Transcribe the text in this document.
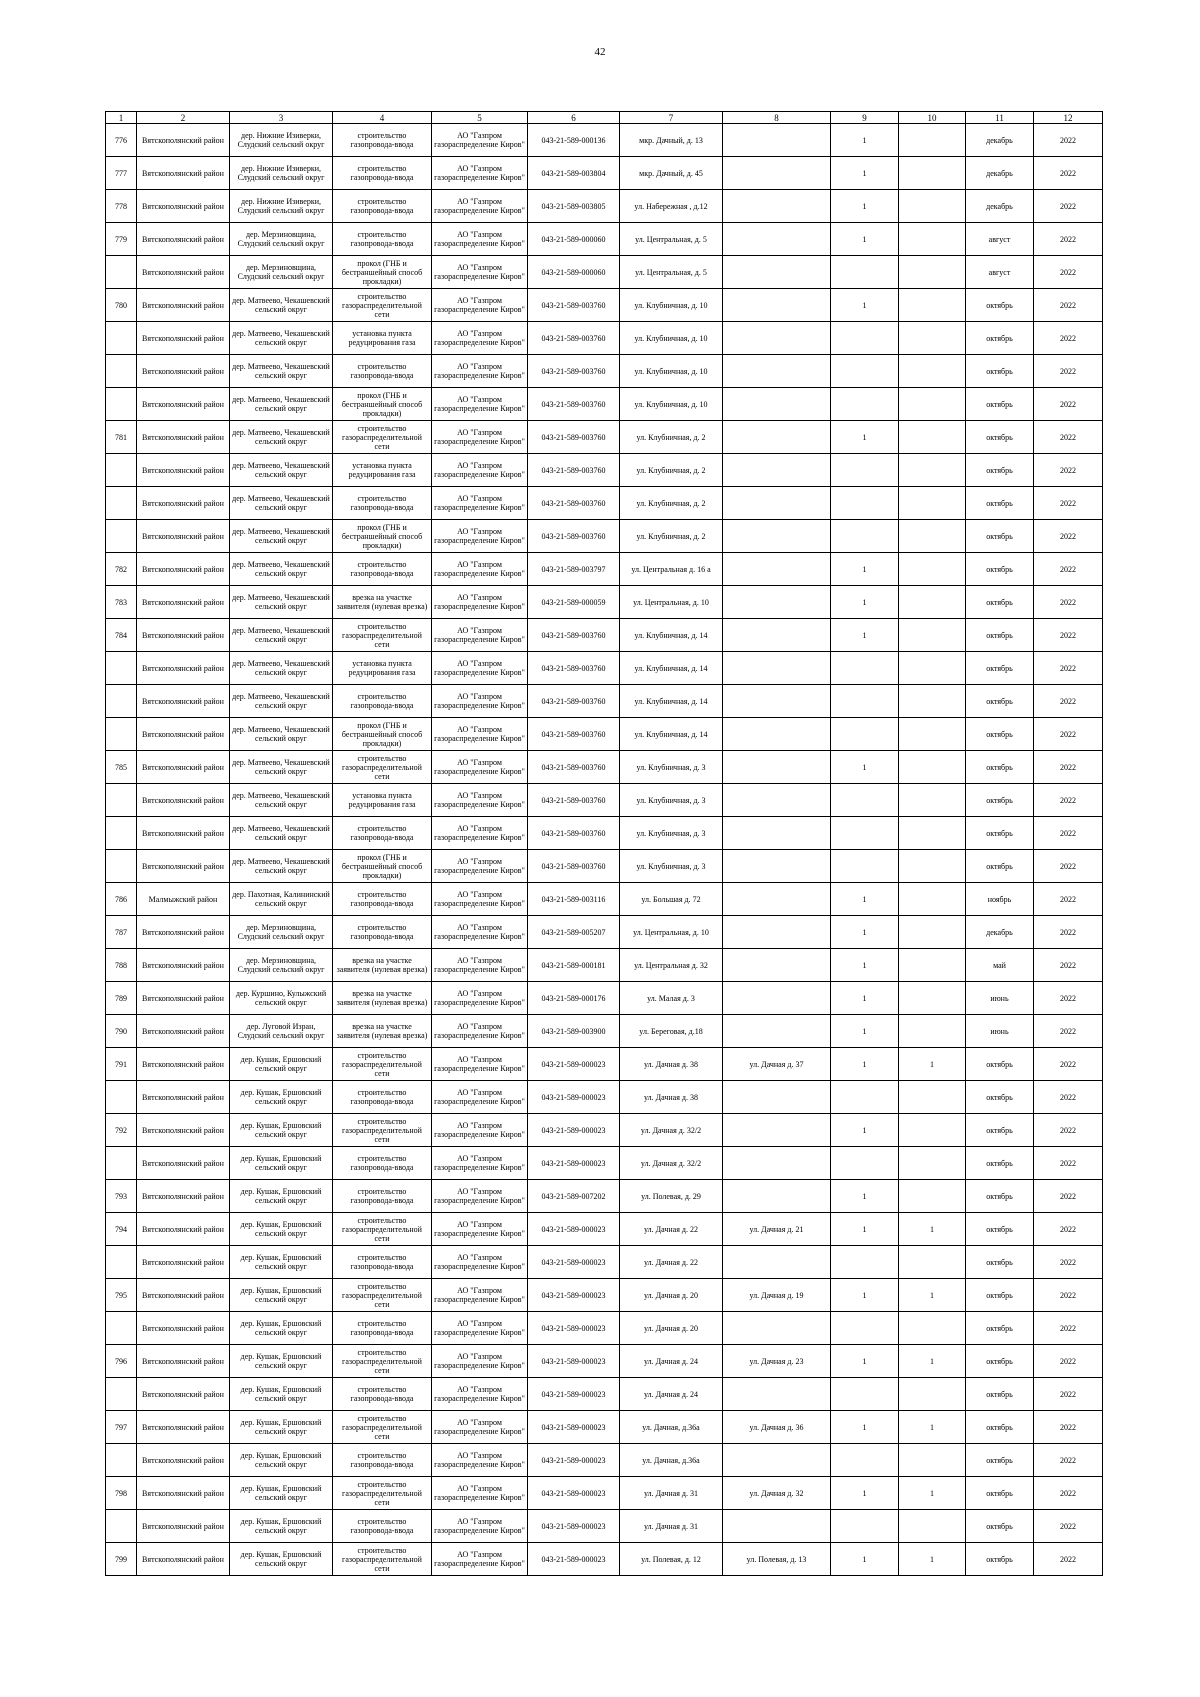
42
1	2	3	4	5	6	7	8	9	10	11	12
776	Вятскополянский район	дер. Нижние Изиверки, Слудский сельский округ	строительство газопровода-ввода	АО "Газпром газораспределение Киров"	043-21-589-000136	мкр. Дачный, д. 13		1		декабрь	2022
777	Вятскополянский район	дер. Нижние Изиверки, Слудский сельский округ	строительство газопровода-ввода	АО "Газпром газораспределение Киров"	043-21-589-003804	мкр. Дачный, д. 45		1		декабрь	2022
778	Вятскополянский район	дер. Нижние Изиверки, Слудский сельский округ	строительство газопровода-ввода	АО "Газпром газораспределение Киров"	043-21-589-003805	ул. Набережная , д.12		1		декабрь	2022
779	Вятскополянский район	дер. Мерзиновщина, Слудский сельский округ	строительство газопровода-ввода	АО "Газпром газораспределение Киров"	043-21-589-000060	ул. Центральная, д. 5		1		август	2022
	Вятскополянский район	дер. Мерзиновщина, Слудский сельский округ	прокол (ГНБ и бестраншейный способ прокладки)	АО "Газпром газораспределение Киров"	043-21-589-000060	ул. Центральная, д. 5				август	2022
780	Вятскополянский район	дер. Матвеево, Чекашевский сельский округ	строительство газораспределительной сети	АО "Газпром газораспределение Киров"	043-21-589-003760	ул. Клубничная, д. 10		1		октябрь	2022
	Вятскополянский район	дер. Матвеево, Чекашевский сельский округ	установка пункта редуцирования газа	АО "Газпром газораспределение Киров"	043-21-589-003760	ул. Клубничная, д. 10				октябрь	2022
	Вятскополянский район	дер. Матвеево, Чекашевский сельский округ	строительство газопровода-ввода	АО "Газпром газораспределение Киров"	043-21-589-003760	ул. Клубничная, д. 10				октябрь	2022
	Вятскополянский район	дер. Матвеево, Чекашевский сельский округ	прокол (ГНБ и бестраншейный способ прокладки)	АО "Газпром газораспределение Киров"	043-21-589-003760	ул. Клубничная, д. 10				октябрь	2022
781	Вятскополянский район	дер. Матвеево, Чекашевский сельский округ	строительство газораспределительной сети	АО "Газпром газораспределение Киров"	043-21-589-003760	ул. Клубничная, д. 2		1		октябрь	2022
	Вятскополянский район	дер. Матвеево, Чекашевский сельский округ	установка пункта редуцирования газа	АО "Газпром газораспределение Киров"	043-21-589-003760	ул. Клубничная, д. 2				октябрь	2022
	Вятскополянский район	дер. Матвеево, Чекашевский сельский округ	строительство газопровода-ввода	АО "Газпром газораспределение Киров"	043-21-589-003760	ул. Клубничная, д. 2				октябрь	2022
	Вятскополянский район	дер. Матвеево, Чекашевский сельский округ	прокол (ГНБ и бестраншейный способ прокладки)	АО "Газпром газораспределение Киров"	043-21-589-003760	ул. Клубничная, д. 2				октябрь	2022
782	Вятскополянский район	дер. Матвеево, Чекашевский сельский округ	строительство газопровода-ввода	АО "Газпром газораспределение Киров"	043-21-589-003797	ул. Центральная д. 16 а		1		октябрь	2022
783	Вятскополянский район	дер. Матвеево, Чекашевский сельский округ	врезка на участке заявителя (нулевая врезка)	АО "Газпром газораспределение Киров"	043-21-589-000059	ул. Центральная, д. 10		1		октябрь	2022
784	Вятскополянский район	дер. Матвеево, Чекашевский сельский округ	строительство газораспределительной сети	АО "Газпром газораспределение Киров"	043-21-589-003760	ул. Клубничная, д. 14		1		октябрь	2022
	Вятскополянский район	дер. Матвеево, Чекашевский сельский округ	установка пункта редуцирования газа	АО "Газпром газораспределение Киров"	043-21-589-003760	ул. Клубничная, д. 14				октябрь	2022
	Вятскополянский район	дер. Матвеево, Чекашевский сельский округ	строительство газопровода-ввода	АО "Газпром газораспределение Киров"	043-21-589-003760	ул. Клубничная, д. 14				октябрь	2022
	Вятскополянский район	дер. Матвеево, Чекашевский сельский округ	прокол (ГНБ и бестраншейный способ прокладки)	АО "Газпром газораспределение Киров"	043-21-589-003760	ул. Клубничная, д. 14				октябрь	2022
785	Вятскополянский район	дер. Матвеево, Чекашевский сельский округ	строительство газораспределительной сети	АО "Газпром газораспределение Киров"	043-21-589-003760	ул. Клубничная, д. 3		1		октябрь	2022
	Вятскополянский район	дер. Матвеево, Чекашевский сельский округ	установка пункта редуцирования газа	АО "Газпром газораспределение Киров"	043-21-589-003760	ул. Клубничная, д. 3				октябрь	2022
	Вятскополянский район	дер. Матвеево, Чекашевский сельский округ	строительство газопровода-ввода	АО "Газпром газораспределение Киров"	043-21-589-003760	ул. Клубничная, д. 3				октябрь	2022
	Вятскополянский район	дер. Матвеево, Чекашевский сельский округ	прокол (ГНБ и бестраншейный способ прокладки)	АО "Газпром газораспределение Киров"	043-21-589-003760	ул. Клубничная, д. 3				октябрь	2022
786	Малмыжский район	дер. Пахотная, Калининский сельский округ	строительство газопровода-ввода	АО "Газпром газораспределение Киров"	043-21-589-003116	ул. Большая д. 72		1		ноябрь	2022
787	Вятскополянский район	дер. Мерзиновщина, Слудский сельский округ	строительство газопровода-ввода	АО "Газпром газораспределение Киров"	043-21-589-005207	ул. Центральная, д. 10		1		декабрь	2022
788	Вятскополянский район	дер. Мерзиновщина, Слудский сельский округ	врезка на участке заявителя (нулевая врезка)	АО "Газпром газораспределение Киров"	043-21-589-000181	ул. Центральная д. 32		1		май	2022
789	Вятскополянский район	дер. Куршино, Кулыжский сельский округ	врезка на участке заявителя (нулевая врезка)	АО "Газпром газораспределение Киров"	043-21-589-000176	ул. Малая д. 3		1		июнь	2022
790	Вятскополянский район	дер. Луговой Изран, Слудский сельский округ	врезка на участке заявителя (нулевая врезка)	АО "Газпром газораспределение Киров"	043-21-589-003900	ул. Береговая, д.18		1		июнь	2022
791	Вятскополянский район	дер. Кушак, Ершовский сельский округ	строительство газораспределительной сети	АО "Газпром газораспределение Киров"	043-21-589-000023	ул. Дачная д. 38	ул. Дачная д. 37	1	1	октябрь	2022
	Вятскополянский район	дер. Кушак, Ершовский сельский округ	строительство газопровода-ввода	АО "Газпром газораспределение Киров"	043-21-589-000023	ул. Дачная д. 38				октябрь	2022
792	Вятскополянский район	дер. Кушак, Ершовский сельский округ	строительство газораспределительной сети	АО "Газпром газораспределение Киров"	043-21-589-000023	ул. Дачная д. 32/2		1		октябрь	2022
	Вятскополянский район	дер. Кушак, Ершовский сельский округ	строительство газопровода-ввода	АО "Газпром газораспределение Киров"	043-21-589-000023	ул. Дачная д. 32/2				октябрь	2022
793	Вятскополянский район	дер. Кушак, Ершовский сельский округ	строительство газопровода-ввода	АО "Газпром газораспределение Киров"	043-21-589-007202	ул. Полевая, д. 29		1		октябрь	2022
794	Вятскополянский район	дер. Кушак, Ершовский сельский округ	строительство газораспределительной сети	АО "Газпром газораспределение Киров"	043-21-589-000023	ул. Дачная д. 22	ул. Дачная д. 21	1	1	октябрь	2022
	Вятскополянский район	дер. Кушак, Ершовский сельский округ	строительство газопровода-ввода	АО "Газпром газораспределение Киров"	043-21-589-000023	ул. Дачная д. 22				октябрь	2022
795	Вятскополянский район	дер. Кушак, Ершовский сельский округ	строительство газораспределительной сети	АО "Газпром газораспределение Киров"	043-21-589-000023	ул. Дачная д. 20	ул. Дачная д. 19	1	1	октябрь	2022
	Вятскополянский район	дер. Кушак, Ершовский сельский округ	строительство газопровода-ввода	АО "Газпром газораспределение Киров"	043-21-589-000023	ул. Дачная д. 20				октябрь	2022
796	Вятскополянский район	дер. Кушак, Ершовский сельский округ	строительство газораспределительной сети	АО "Газпром газораспределение Киров"	043-21-589-000023	ул. Дачная д. 24	ул. Дачная д. 23	1	1	октябрь	2022
	Вятскополянский район	дер. Кушак, Ершовский сельский округ	строительство газопровода-ввода	АО "Газпром газораспределение Киров"	043-21-589-000023	ул. Дачная д. 24				октябрь	2022
797	Вятскополянский район	дер. Кушак, Ершовский сельский округ	строительство газораспределительной сети	АО "Газпром газораспределение Киров"	043-21-589-000023	ул. Дачная, д.36а	ул. Дачная д. 36	1	1	октябрь	2022
	Вятскополянский район	дер. Кушак, Ершовский сельский округ	строительство газопровода-ввода	АО "Газпром газораспределение Киров"	043-21-589-000023	ул. Дачная, д.36а				октябрь	2022
798	Вятскополянский район	дер. Кушак, Ершовский сельский округ	строительство газораспределительной сети	АО "Газпром газораспределение Киров"	043-21-589-000023	ул. Дачная д. 31	ул. Дачная д. 32	1	1	октябрь	2022
	Вятскополянский район	дер. Кушак, Ершовский сельский округ	строительство газопровода-ввода	АО "Газпром газораспределение Киров"	043-21-589-000023	ул. Дачная д. 31				октябрь	2022
799	Вятскополянский район	дер. Кушак, Ершовский сельский округ	строительство газораспределительной сети	АО "Газпром газораспределение Киров"	043-21-589-000023	ул. Полевая, д. 12	ул. Полевая, д. 13	1	1	октябрь	2022
